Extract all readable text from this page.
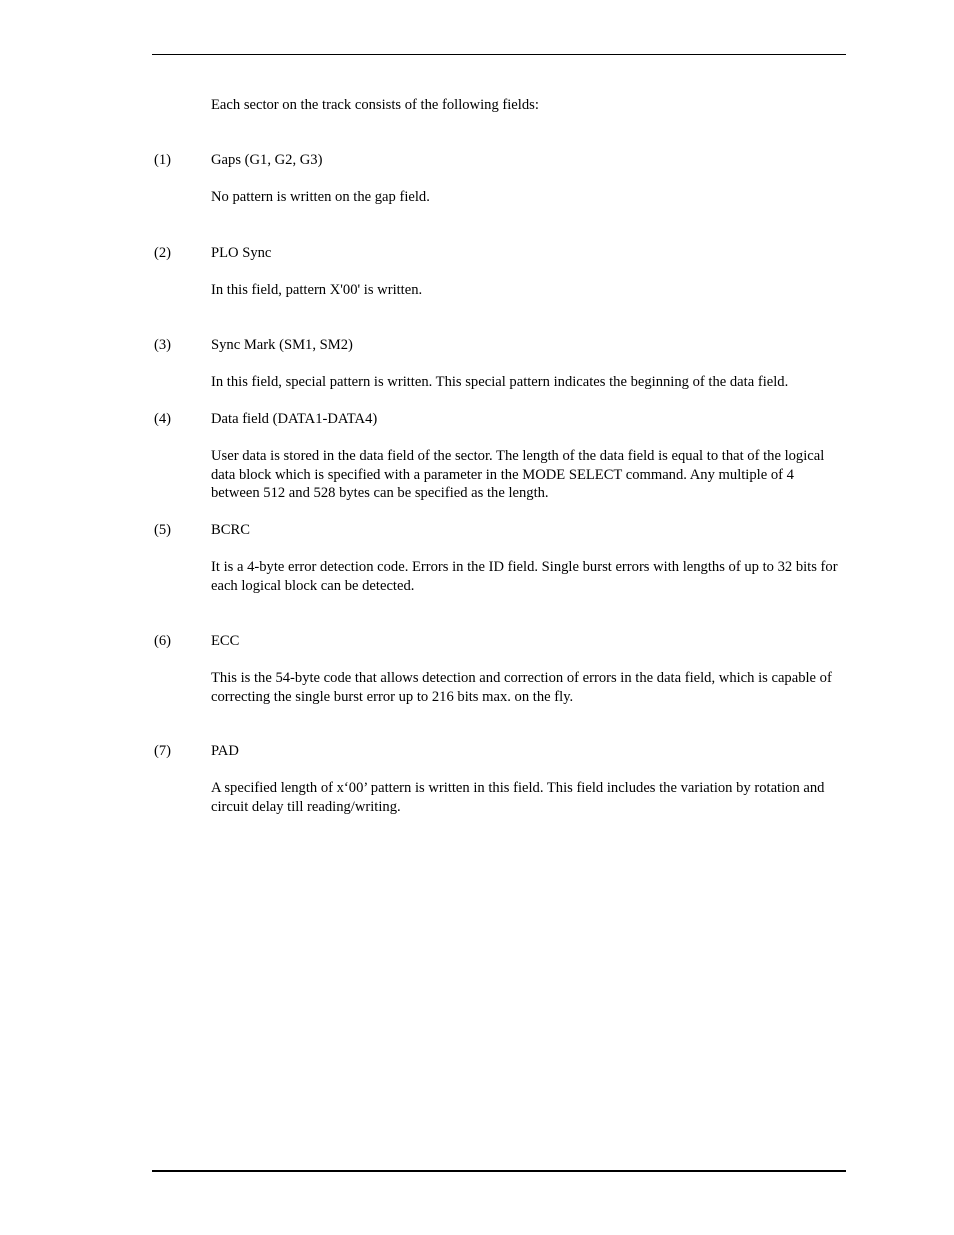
Each sector on the track consists of the following fields:

(1)	Gaps (G1, G2, G3)

No pattern is written on the gap field.

(2)	PLO Sync

In this field, pattern X'00' is written.

(3)	Sync Mark (SM1, SM2)

In this field, special pattern is written. This special pattern indicates the beginning of the data field.

(4)	Data field (DATA1-DATA4)

User data is stored in the data field of the sector. The length of the data field is equal to that of the logical data block which is specified with a parameter in the MODE SELECT command. Any multiple of 4 between 512 and 528 bytes can be specified as the length.

(5)	BCRC

It is a 4-byte error detection code. Errors in the ID field. Single burst errors with lengths of up to 32 bits for each logical block can be detected.

(6)	ECC

This is the 54-byte code that allows detection and correction of errors in the data field, which is capable of correcting the single burst error up to 216 bits max. on the fly.

(7)	PAD

A specified length of x‘00’ pattern is written in this field. This field includes the variation by rotation and circuit delay till reading/writing.
